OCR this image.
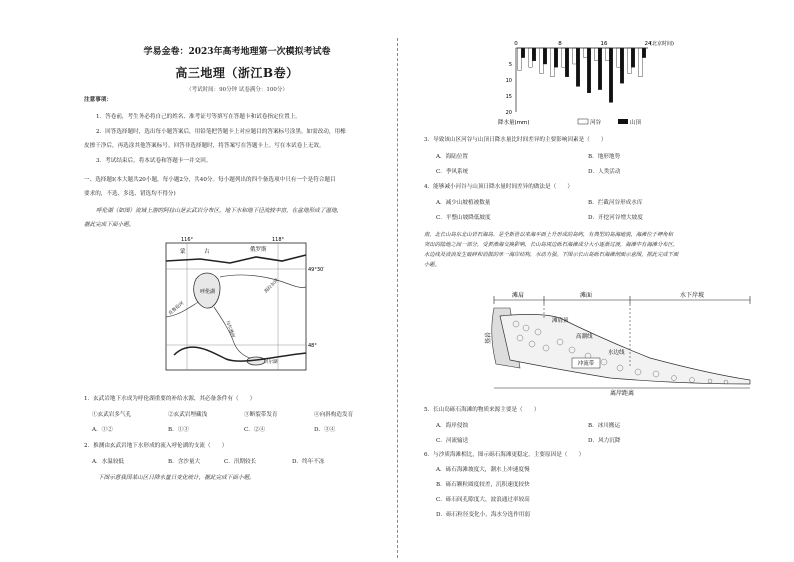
学易金卷：2023年高考地理第一次模拟考试卷
高三地理（浙江B卷）
（考试时间：90分钟 试卷满分：100分）
注意事项：
1．答卷前，考生务必将自己的姓名、准考证号等填写在答题卡和试卷指定位置上。
2．回答选择题时，选出每小题答案后，用铅笔把答题卡上对应题目的答案标号涂黑。如需改动，用橡
皮擦干净后，再选涂其他答案标号。回答非选择题时，将答案写在答题卡上。写在本试卷上无效。
3．考试结束后，将本试卷和答题卡一并交回。
一、选择题Ⅰ(本大题共20小题，每小题2分，共40分。每小题列出的四个备选项中只有一个是符合题目
要求的，不选、多选、错选均不得分)
呼伦湖（如图）流域上游的阿拉山是玄武岩分布区，地下水和地下径流较丰富，在盆地形成了湿地，
据此完成下面小题。
116°	118°
49°30′
48°
蒙	古	俄罗斯
呼伦湖
贝尔湖
克鲁伦河
乌尔逊河
海拉尔河
1．玄武岩地下水成为呼伦湖重要的补给水源，其必备条件有（　　）
①玄武岩多气孔	②玄武岩埋藏浅	③断裂带发育	④向斜构造发育
A．①②	B．①③	C．②④	D．③④
2．推测由玄武岩地下水形成的流入呼伦湖的支流（　　）
A．水温较低	B．含沙量大	C．汛期较长	D．终年不冻
下图示意我国某山区日降水量日变化统计，据此完成下面小题。
0	8	16	24
(北京时间)
5
10
15
20
降水量(mm)	河谷	山顶
3．导致该山区河谷与山顶日降水量比时间差异的主要影响因素是（　　）
A．海陆位置	B．地形地势
C．季风系统	D．人类活动
4．能够减小河谷与山顶日降水量时间差异的做法是（　　）
A．减少山坡植被数量	B．拦截河谷形成水库
C．平整山坡降低坡度	D．开挖河谷增大坡度
南，北长山岛东北山岩石海岛、是全新世以来海平面上升形成的岛屿，有典型的岛海地貌，海滩位于岬角和
突出的陆地之间一部分，受黄渤海交换影响，长山岛周边砾石海滩成分大小逐渐过渡，海滩中有海滩分布区，
水边线及波浪发生破碎和消散的单一海岸结构，水动力强。下图示长山岛砾石海滩剖面示意图。据此完成下面
小题。
滩肩	滩面	水下岸坡
基岩
滩肩顶
高潮线
冲流带
水边线
离岸距离
5．长山岛砾石海滩的物质来源主要是（　　）
A．海岸侵蚀	B．冰川搬运
C．河流输送	D．风力沉降
6．与沙质海滩相比，图示砾石海滩更稳定，主要原因是（　　）
A．砾石海滩坡度大，潮水上冲速度慢
B．砾石颗粒圆度较差，沉积速度较快
C．砾石间孔隙度大，波浪通过率较高
D．砾石粒径变化小，海水分选作用弱
